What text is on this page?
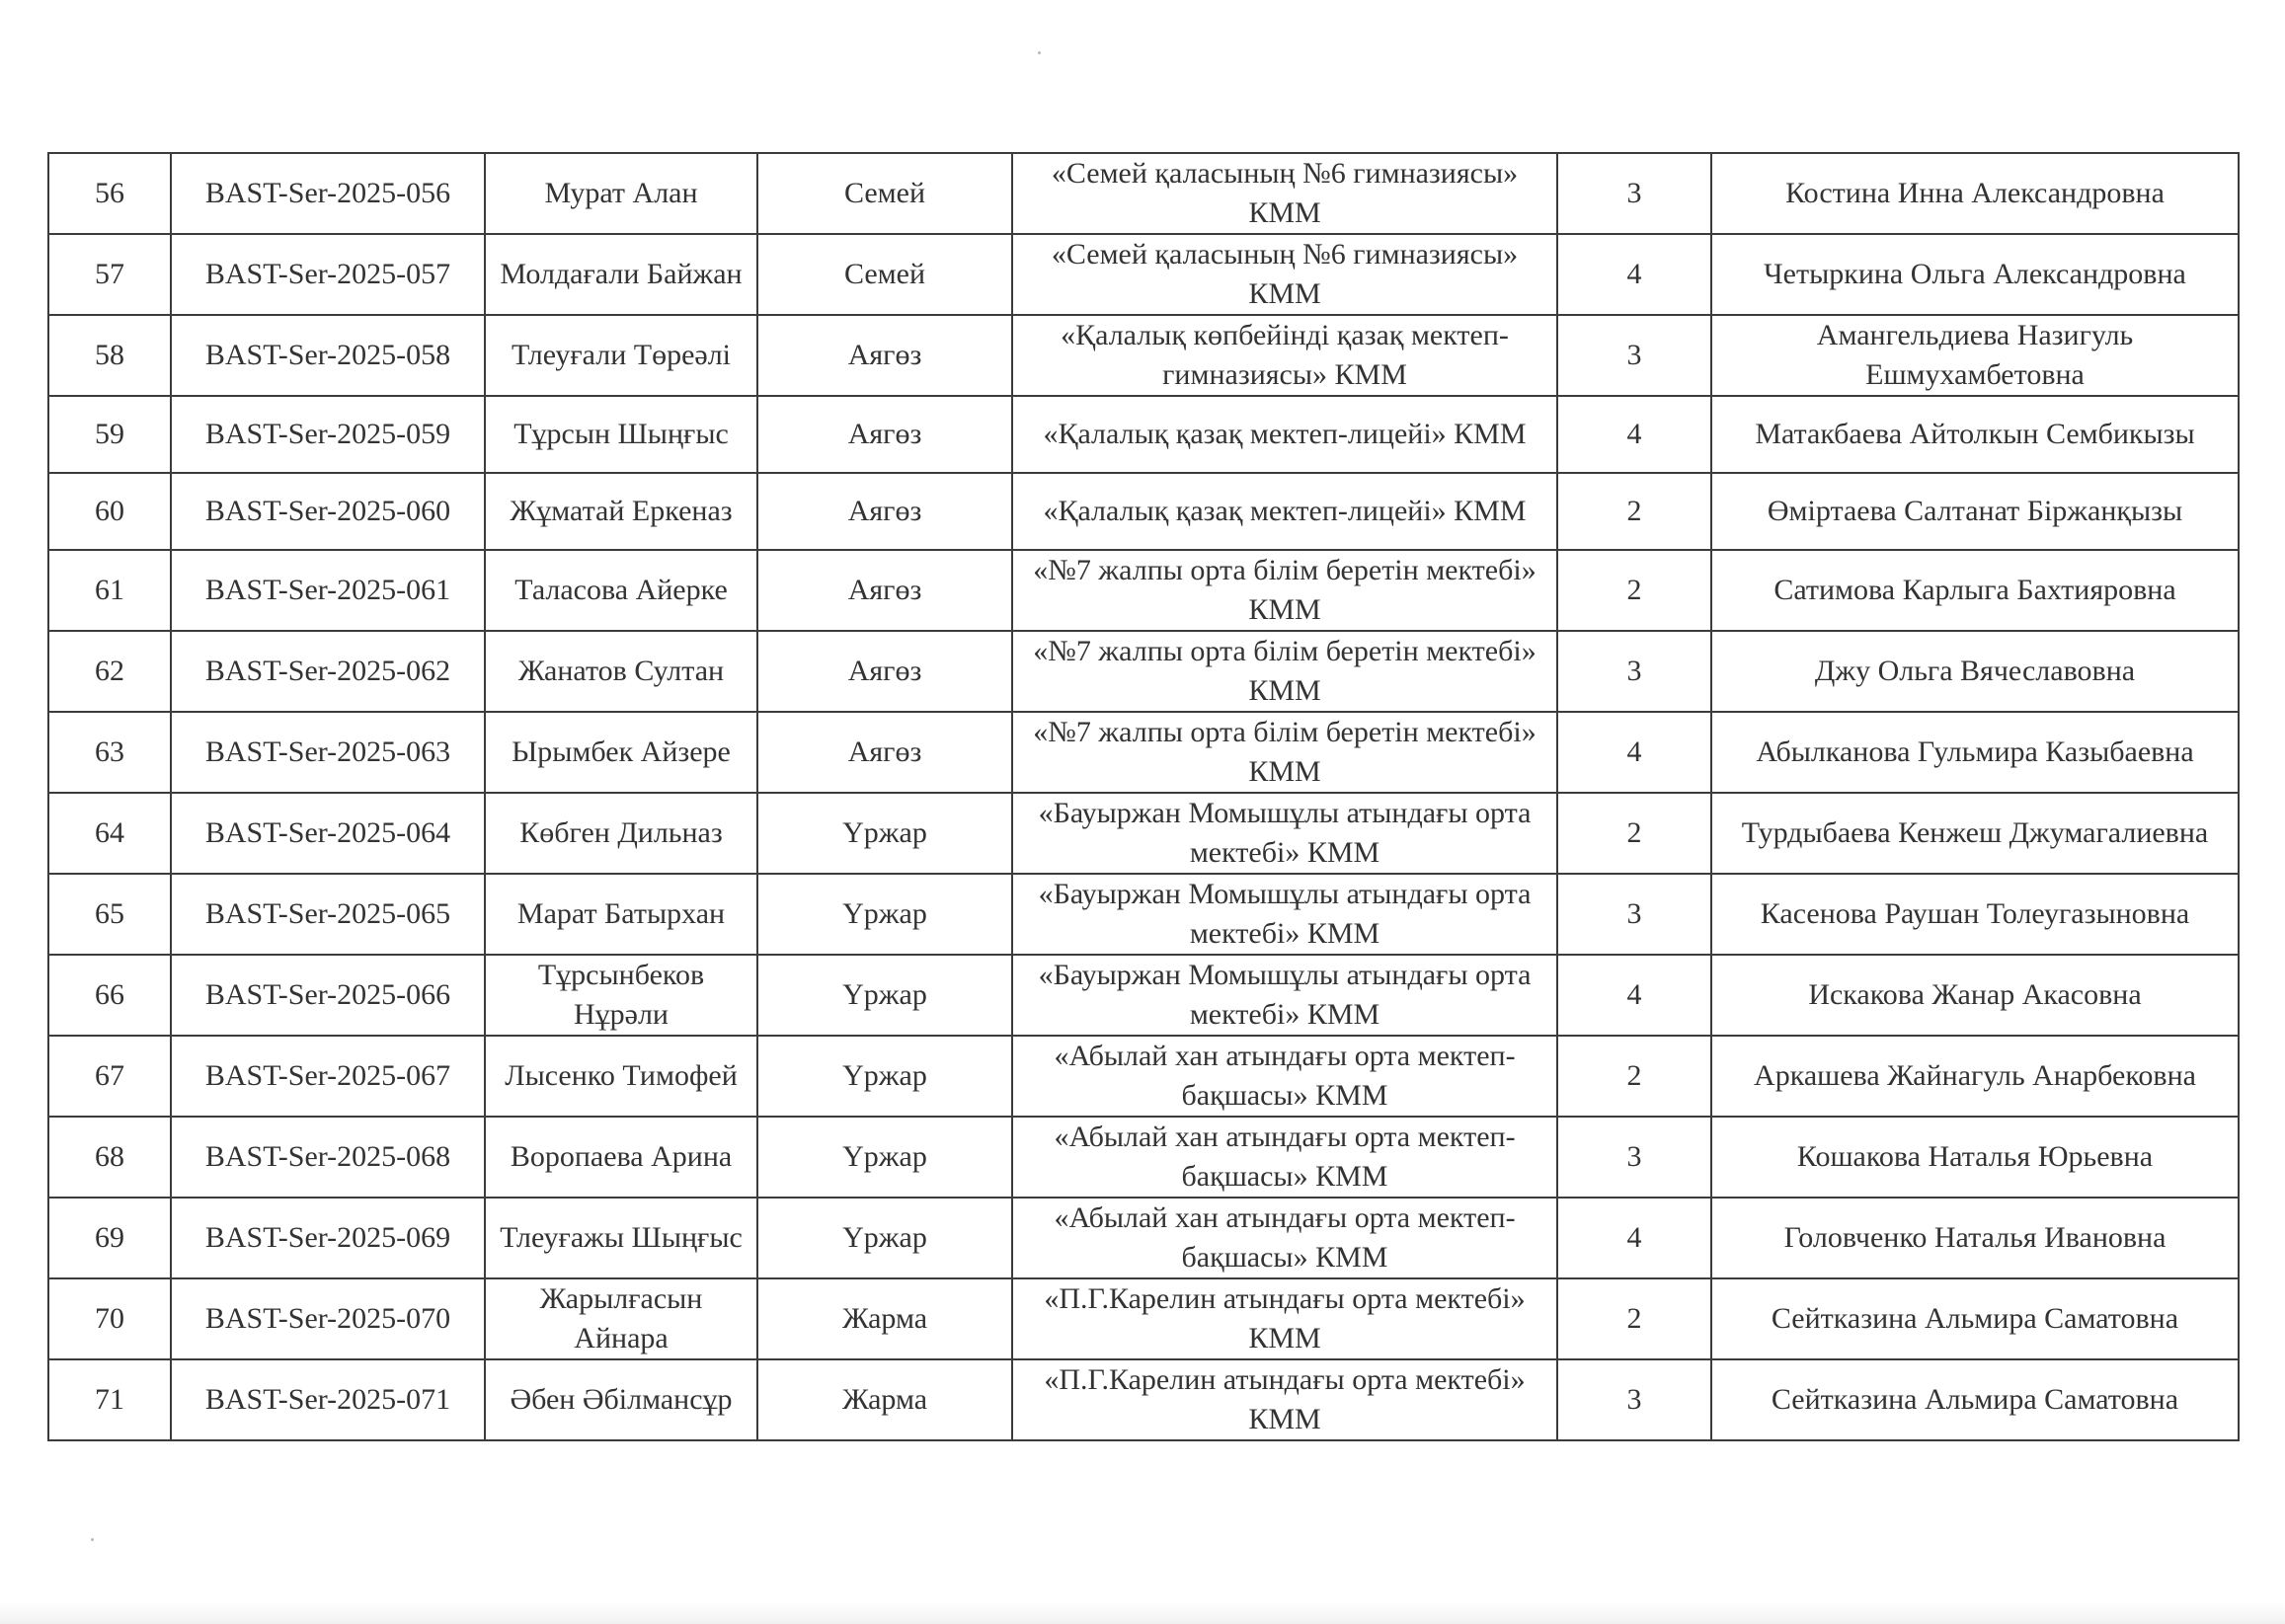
56	BAST-Ser-2025-056	Мурат Алан	Семей	«Семей қаласының №6 гимназиясы» КММ	3	Костина Инна Александровна
57	BAST-Ser-2025-057	Молдағали Байжан	Семей	«Семей қаласының №6 гимназиясы» КММ	4	Четыркина Ольга Александровна
58	BAST-Ser-2025-058	Тлеуғали Төреәлі	Аягөз	«Қалалық көпбейінді қазақ мектеп-гимназиясы» КММ	3	Амангельдиева Назигуль Ешмухамбетовна
59	BAST-Ser-2025-059	Тұрсын Шыңғыс	Аягөз	«Қалалық қазақ мектеп-лицейі» КММ	4	Матакбаева Айтолкын Сембикызы
60	BAST-Ser-2025-060	Жұматай Еркеназ	Аягөз	«Қалалық қазақ мектеп-лицейі» КММ	2	Өміртаева Салтанат Біржанқызы
61	BAST-Ser-2025-061	Таласова Айерке	Аягөз	«№7 жалпы орта білім беретін мектебі» КММ	2	Сатимова Карлыга Бахтияровна
62	BAST-Ser-2025-062	Жанатов Султан	Аягөз	«№7 жалпы орта білім беретін мектебі» КММ	3	Джу Ольга Вячеславовна
63	BAST-Ser-2025-063	Ырымбек Айзере	Аягөз	«№7 жалпы орта білім беретін мектебі» КММ	4	Абылканова Гульмира Казыбаевна
64	BAST-Ser-2025-064	Көбген Дильназ	Үржар	«Бауыржан Момышұлы атындағы орта мектебі» КММ	2	Турдыбаева Кенжеш Джумагалиевна
65	BAST-Ser-2025-065	Марат Батырхан	Үржар	«Бауыржан Момышұлы атындағы орта мектебі» КММ	3	Касенова Раушан Толеугазыновна
66	BAST-Ser-2025-066	Тұрсынбеков Нұрәли	Үржар	«Бауыржан Момышұлы атындағы орта мектебі» КММ	4	Искакова Жанар Акасовна
67	BAST-Ser-2025-067	Лысенко Тимофей	Үржар	«Абылай хан атындағы орта мектеп-бақшасы» КММ	2	Аркашева Жайнагуль Анарбековна
68	BAST-Ser-2025-068	Воропаева Арина	Үржар	«Абылай хан атындағы орта мектеп-бақшасы» КММ	3	Кошакова Наталья Юрьевна
69	BAST-Ser-2025-069	Тлеуғажы Шыңғыс	Үржар	«Абылай хан атындағы орта мектеп-бақшасы» КММ	4	Головченко Наталья Ивановна
70	BAST-Ser-2025-070	Жарылғасын Айнара	Жарма	«П.Г.Карелин атындағы орта мектебі» КММ	2	Сейтказина Альмира Саматовна
71	BAST-Ser-2025-071	Әбен Әбілмансұр	Жарма	«П.Г.Карелин атындағы орта мектебі» КММ	3	Сейтказина Альмира Саматовна
